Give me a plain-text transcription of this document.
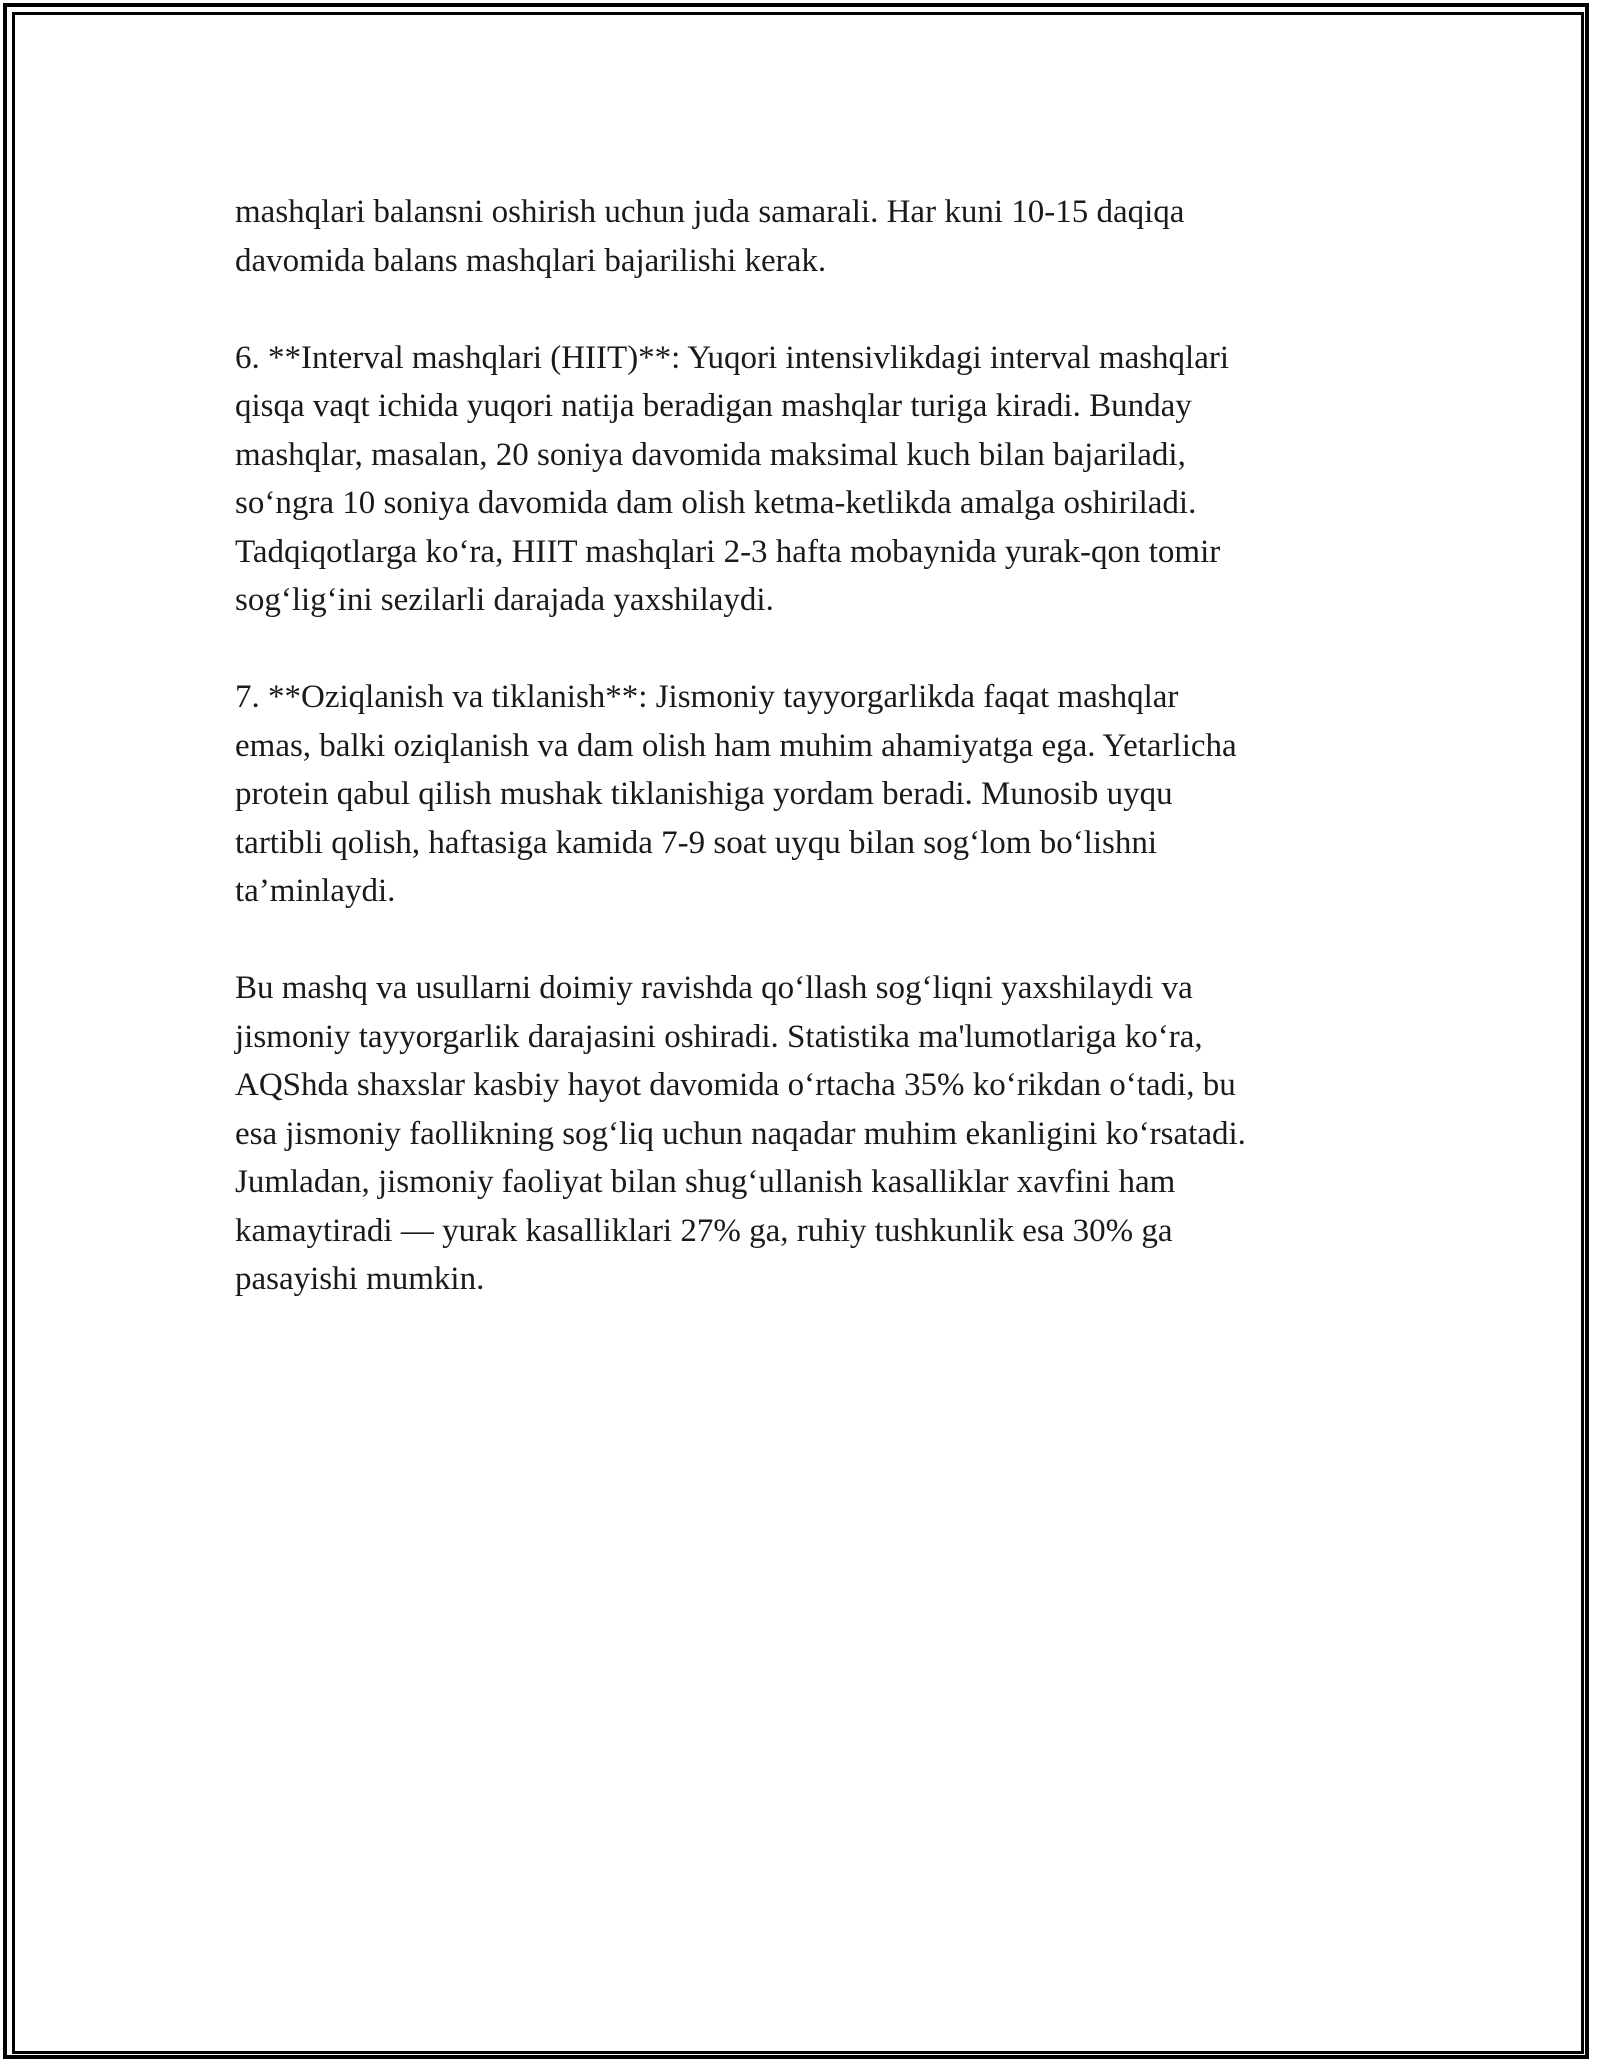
mashqlari balansni oshirish uchun juda samarali. Har kuni 10-15 daqiqa
davomida balans mashqlari bajarilishi kerak.

6. **Interval mashqlari (HIIT)**: Yuqori intensivlikdagi interval mashqlari
qisqa vaqt ichida yuqori natija beradigan mashqlar turiga kiradi. Bunday
mashqlar, masalan, 20 soniya davomida maksimal kuch bilan bajariladi,
so‘ngra 10 soniya davomida dam olish ketma-ketlikda amalga oshiriladi.
Tadqiqotlarga ko‘ra, HIIT mashqlari 2-3 hafta mobaynida yurak-qon tomir
sog‘lig‘ini sezilarli darajada yaxshilaydi.

7. **Oziqlanish va tiklanish**: Jismoniy tayyorgarlikda faqat mashqlar
emas, balki oziqlanish va dam olish ham muhim ahamiyatga ega. Yetarlicha
protein qabul qilish mushak tiklanishiga yordam beradi. Munosib uyqu
tartibli qolish, haftasiga kamida 7-9 soat uyqu bilan sog‘lom bo‘lishni
ta’minlaydi.

Bu mashq va usullarni doimiy ravishda qo‘llash sog‘liqni yaxshilaydi va
jismoniy tayyorgarlik darajasini oshiradi. Statistika ma'lumotlariga ko‘ra,
AQShda shaxslar kasbiy hayot davomida o‘rtacha 35% ko‘rikdan o‘tadi, bu
esa jismoniy faollikning sog‘liq uchun naqadar muhim ekanligini ko‘rsatadi.
Jumladan, jismoniy faoliyat bilan shug‘ullanish kasalliklar xavfini ham
kamaytiradi — yurak kasalliklari 27% ga, ruhiy tushkunlik esa 30% ga
pasayishi mumkin.
